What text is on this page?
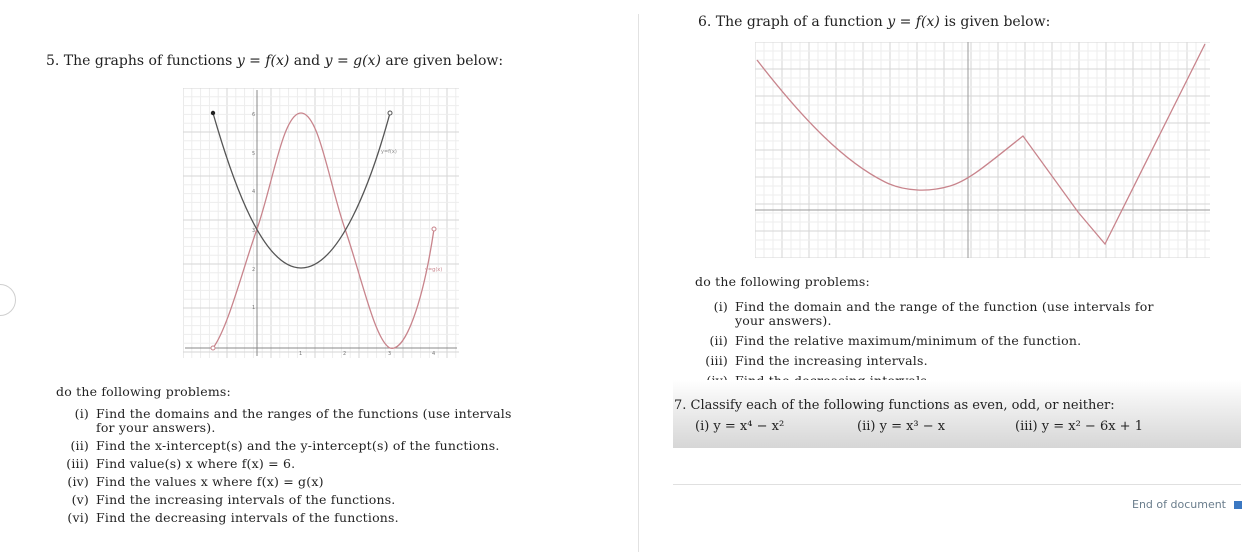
5. The graphs of functions y = f(x) and y = g(x) are given below:
1	2	3	4
6
5
4
3
2
1
y=f(x)
y=g(x)
do the following problems:
(i) Find the domains and the ranges of the functions (use intervals
for your answers).
(ii) Find the x-intercept(s) and the y-intercept(s) of the functions.
(iii) Find value(s) x where f(x) = 6.
(iv) Find the values x where f(x) = g(x)
(v) Find the increasing intervals of the functions.
(vi) Find the decreasing intervals of the functions.
6. The graph of a function y = f(x) is given below:
do the following problems:
(i) Find the domain and the range of the function (use intervals for
your answers).
(ii) Find the relative maximum/minimum of the function.
(iii) Find the increasing intervals.
7. Classify each of the following functions as even, odd, or neither:
(i) y = x⁴ − x²	(ii) y = x³ − x	(iii) y = x² − 6x + 1
End of document
